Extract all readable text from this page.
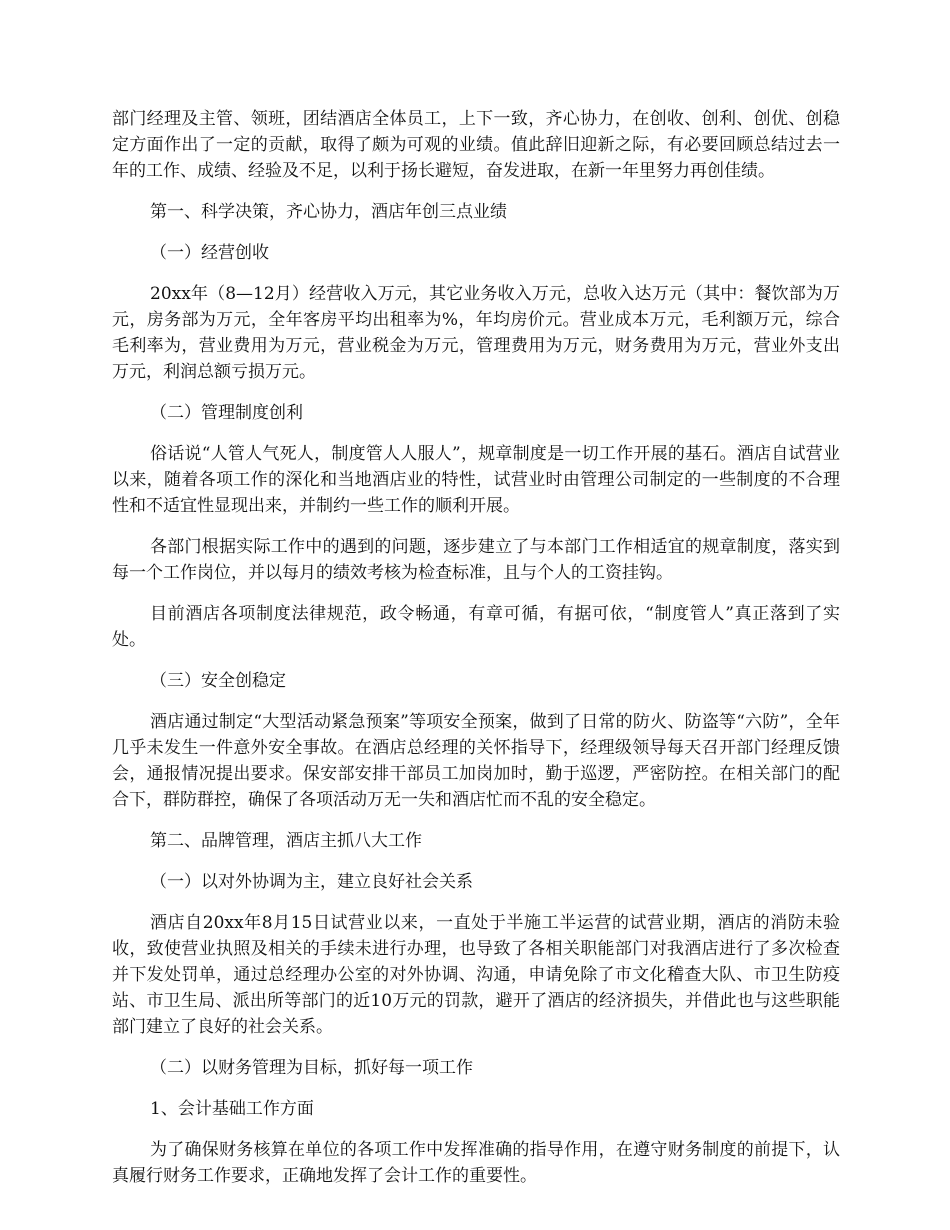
部门经理及主管、领班，团结酒店全体员工，上下一致，齐心协力，在创收、创利、创优、创稳定方面作出了一定的贡献，取得了颇为可观的业绩。值此辞旧迎新之际，有必要回顾总结过去一年的工作、成绩、经验及不足，以利于扬长避短，奋发进取，在新一年里努力再创佳绩。

第一、科学决策，齐心协力，酒店年创三点业绩

（一）经营创收

20xx年（8—12月）经营收入万元，其它业务收入万元，总收入达万元（其中：餐饮部为万元，房务部为万元，全年客房平均出租率为%，年均房价元。营业成本万元，毛利额万元，综合毛利率为，营业费用为万元，营业税金为万元，管理费用为万元，财务费用为万元，营业外支出万元，利润总额亏损万元。

（二）管理制度创利

俗话说“人管人气死人，制度管人人服人”，规章制度是一切工作开展的基石。酒店自试营业以来，随着各项工作的深化和当地酒店业的特性，试营业时由管理公司制定的一些制度的不合理性和不适宜性显现出来，并制约一些工作的顺利开展。

各部门根据实际工作中的遇到的问题，逐步建立了与本部门工作相适宜的规章制度，落实到每一个工作岗位，并以每月的绩效考核为检查标准，且与个人的工资挂钩。

目前酒店各项制度法律规范，政令畅通，有章可循，有据可依，“制度管人”真正落到了实处。

（三）安全创稳定

酒店通过制定“大型活动紧急预案”等项安全预案，做到了日常的防火、防盗等“六防”，全年几乎未发生一件意外安全事故。在酒店总经理的关怀指导下，经理级领导每天召开部门经理反馈会，通报情况提出要求。保安部安排干部员工加岗加时，勤于巡逻，严密防控。在相关部门的配合下，群防群控，确保了各项活动万无一失和酒店忙而不乱的安全稳定。

第二、品牌管理，酒店主抓八大工作

（一）以对外协调为主，建立良好社会关系

酒店自20xx年8月15日试营业以来，一直处于半施工半运营的试营业期，酒店的消防未验收，致使营业执照及相关的手续未进行办理，也导致了各相关职能部门对我酒店进行了多次检查并下发处罚单，通过总经理办公室的对外协调、沟通，申请免除了市文化稽查大队、市卫生防疫站、市卫生局、派出所等部门的近10万元的罚款，避开了酒店的经济损失，并借此也与这些职能部门建立了良好的社会关系。

（二）以财务管理为目标，抓好每一项工作

1、会计基础工作方面

为了确保财务核算在单位的各项工作中发挥准确的指导作用，在遵守财务制度的前提下，认真履行财务工作要求，正确地发挥了会计工作的重要性。
